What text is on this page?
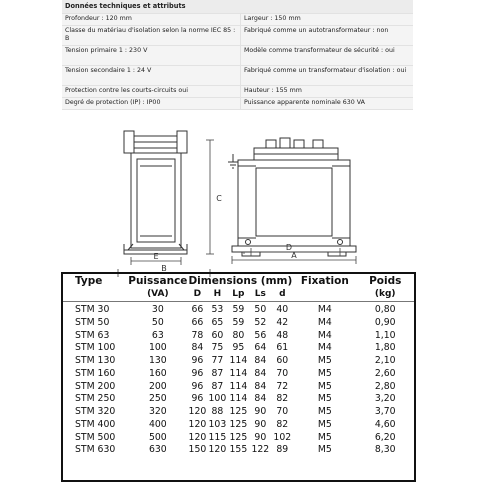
Données techniques et attributs	
Profondeur : 120 mm	Largeur : 150 mm
Classe du matériau d'isolation selon la norme IEC 85 : B	Fabriqué comme un autotransformateur : non
Tension primaire 1 : 230 V	Modèle comme transformateur de sécurité : oui
Tension secondaire 1 : 24 V	Fabriqué comme un transformateur d'isolation : oui
Protection contre les courts-circuits oui	Hauteur : 155 mm
Degré de protection (IP) : IP00	Puissance apparente nominale 630 VA
E
B
C
D
A
Type	Puissance	Dimensions (mm)					Fixation	Poids
	(VA)	D	H	Lp	Ls	d		(kg)
STM 30	30	66	53	59	50	40	M4	0,80
STM 50	50	66	65	59	52	42	M4	0,90
STM 63	63	78	60	80	56	48	M4	1,10
STM 100	100	84	75	95	64	61	M4	1,80
STM 130	130	96	77	114	84	60	M5	2,10
STM 160	160	96	87	114	84	70	M5	2,60
STM 200	200	96	87	114	84	72	M5	2,80
STM 250	250	96	100	114	84	82	M5	3,20
STM 320	320	120	88	125	90	70	M5	3,70
STM 400	400	120	103	125	90	82	M5	4,60
STM 500	500	120	115	125	90	102	M5	6,20
STM 630	630	150	120	155	122	89	M5	8,30
